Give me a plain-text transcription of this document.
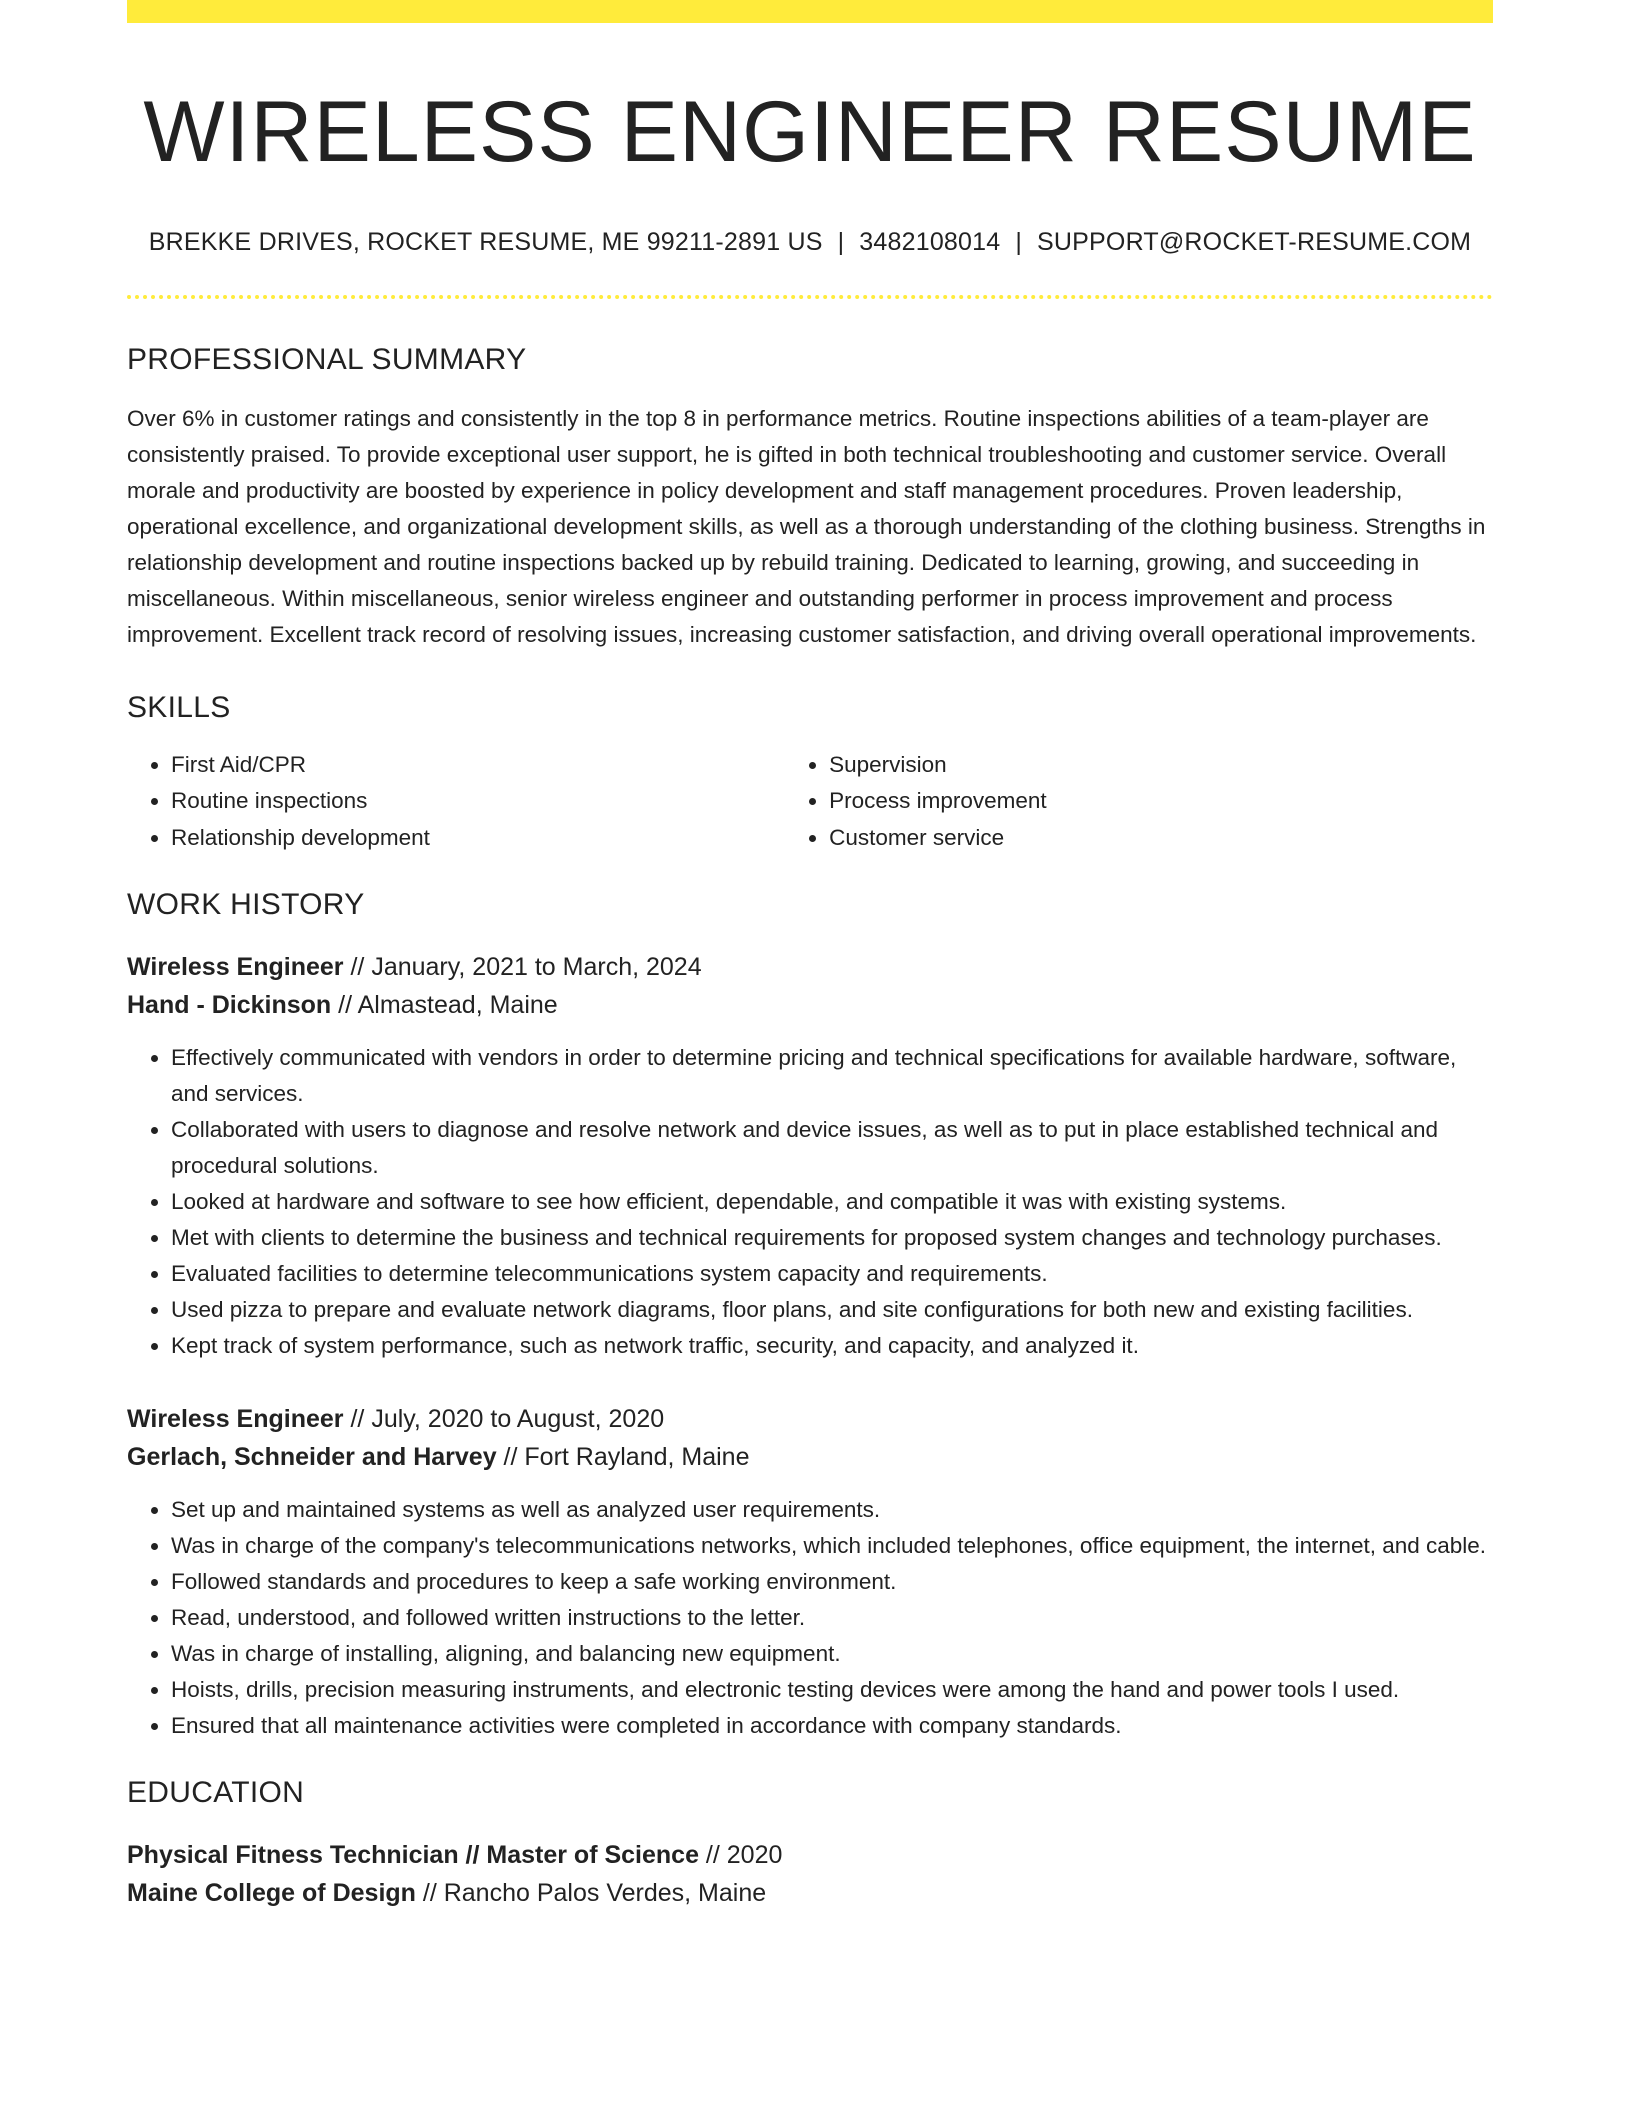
WIRELESS ENGINEER RESUME
BREKKE DRIVES, ROCKET RESUME, ME 99211-2891 US | 3482108014 | SUPPORT@ROCKET-RESUME.COM
PROFESSIONAL SUMMARY

Over 6% in customer ratings and consistently in the top 8 in performance metrics. Routine inspections abilities of a team-player are consistently praised. To provide exceptional user support, he is gifted in both technical troubleshooting and customer service. Overall morale and productivity are boosted by experience in policy development and staff management procedures. Proven leadership, operational excellence, and organizational development skills, as well as a thorough understanding of the clothing business. Strengths in relationship development and routine inspections backed up by rebuild training. Dedicated to learning, growing, and succeeding in miscellaneous. Within miscellaneous, senior wireless engineer and outstanding performer in process improvement and process improvement. Excellent track record of resolving issues, increasing customer satisfaction, and driving overall operational improvements.

SKILLS
• First Aid/CPR
• Routine inspections
• Relationship development
• Supervision
• Process improvement
• Customer service
WORK HISTORY
Wireless Engineer // January, 2021 to March, 2024
Hand - Dickinson // Almastead, Maine
• Effectively communicated with vendors in order to determine pricing and technical specifications for available hardware, software, and services.
• Collaborated with users to diagnose and resolve network and device issues, as well as to put in place established technical and procedural solutions.
• Looked at hardware and software to see how efficient, dependable, and compatible it was with existing systems.
• Met with clients to determine the business and technical requirements for proposed system changes and technology purchases.
• Evaluated facilities to determine telecommunications system capacity and requirements.
• Used pizza to prepare and evaluate network diagrams, floor plans, and site configurations for both new and existing facilities.
• Kept track of system performance, such as network traffic, security, and capacity, and analyzed it.
Wireless Engineer // July, 2020 to August, 2020
Gerlach, Schneider and Harvey // Fort Rayland, Maine
• Set up and maintained systems as well as analyzed user requirements.
• Was in charge of the company's telecommunications networks, which included telephones, office equipment, the internet, and cable.
• Followed standards and procedures to keep a safe working environment.
• Read, understood, and followed written instructions to the letter.
• Was in charge of installing, aligning, and balancing new equipment.
• Hoists, drills, precision measuring instruments, and electronic testing devices were among the hand and power tools I used.
• Ensured that all maintenance activities were completed in accordance with company standards.
EDUCATION
Physical Fitness Technician // Master of Science // 2020
Maine College of Design // Rancho Palos Verdes, Maine
